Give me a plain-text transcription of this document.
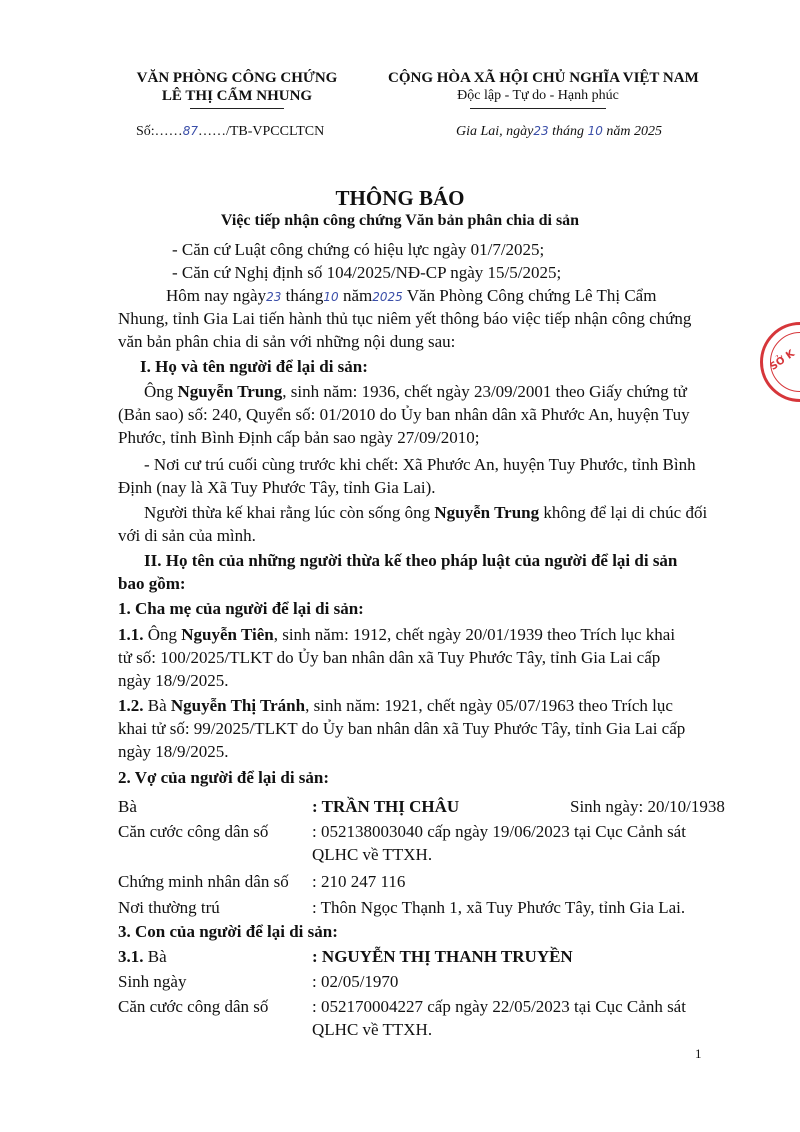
VĂN PHÒNG CÔNG CHỨNG
LÊ THỊ CẨM NHUNG
CỘNG HÒA XÃ HỘI CHỦ NGHĨA VIỆT NAM
Độc lập - Tự do - Hạnh phúc
Số:……87……/TB-VPCCLTCN	Gia Lai, ngày23 tháng 10 năm 2025
THÔNG BÁO
Việc tiếp nhận công chứng Văn bản phân chia di sản
- Căn cứ Luật công chứng có hiệu lực ngày 01/7/2025;
- Căn cứ Nghị định số 104/2025/NĐ-CP ngày 15/5/2025;
Hôm nay ngày23 tháng10 năm2025 Văn Phòng Công chứng Lê Thị Cẩm
Nhung, tỉnh Gia Lai tiến hành thủ tục niêm yết thông báo việc tiếp nhận công chứng
văn bản phân chia di sản với những nội dung sau:
I. Họ và tên người để lại di sản:
Ông Nguyễn Trung, sinh năm: 1936, chết ngày 23/09/2001 theo Giấy chứng tử
(Bản sao) số: 240, Quyển số: 01/2010 do Ủy ban nhân dân xã Phước An, huyện Tuy
Phước, tỉnh Bình Định cấp bản sao ngày 27/09/2010;
- Nơi cư trú cuối cùng trước khi chết: Xã Phước An, huyện Tuy Phước, tỉnh Bình
Định (nay là Xã Tuy Phước Tây, tỉnh Gia Lai).
Người thừa kế khai rằng lúc còn sống ông Nguyễn Trung không để lại di chúc đối
với di sản của mình.
II. Họ tên của những người thừa kế theo pháp luật của người để lại di sản
bao gồm:
1. Cha mẹ của người để lại di sản:
1.1. Ông Nguyễn Tiên, sinh năm: 1912, chết ngày 20/01/1939 theo Trích lục khai
tử số: 100/2025/TLKT do Ủy ban nhân dân xã Tuy Phước Tây, tỉnh Gia Lai cấp
ngày 18/9/2025.
1.2. Bà Nguyễn Thị Tránh, sinh năm: 1921, chết ngày 05/07/1963 theo Trích lục
khai tử số: 99/2025/TLKT do Ủy ban nhân dân xã Tuy Phước Tây, tỉnh Gia Lai cấp
ngày 18/9/2025.
2. Vợ của người để lại di sản:
Bà	: TRẦN THỊ CHÂU	Sinh ngày: 20/10/1938
Căn cước công dân số	: 052138003040 cấp ngày 19/06/2023 tại Cục Cảnh sát
QLHC về TTXH.
Chứng minh nhân dân số : 210 247 116
Nơi thường trú	: Thôn Ngọc Thạnh 1, xã Tuy Phước Tây, tỉnh Gia Lai.
3. Con của người để lại di sản:
3.1. Bà	: NGUYỄN THỊ THANH TRUYỀN
Sinh ngày	: 02/05/1970
Căn cước công dân số	: 052170004227 cấp ngày 22/05/2023 tại Cục Cảnh sát
QLHC về TTXH.
1
SỞ K
